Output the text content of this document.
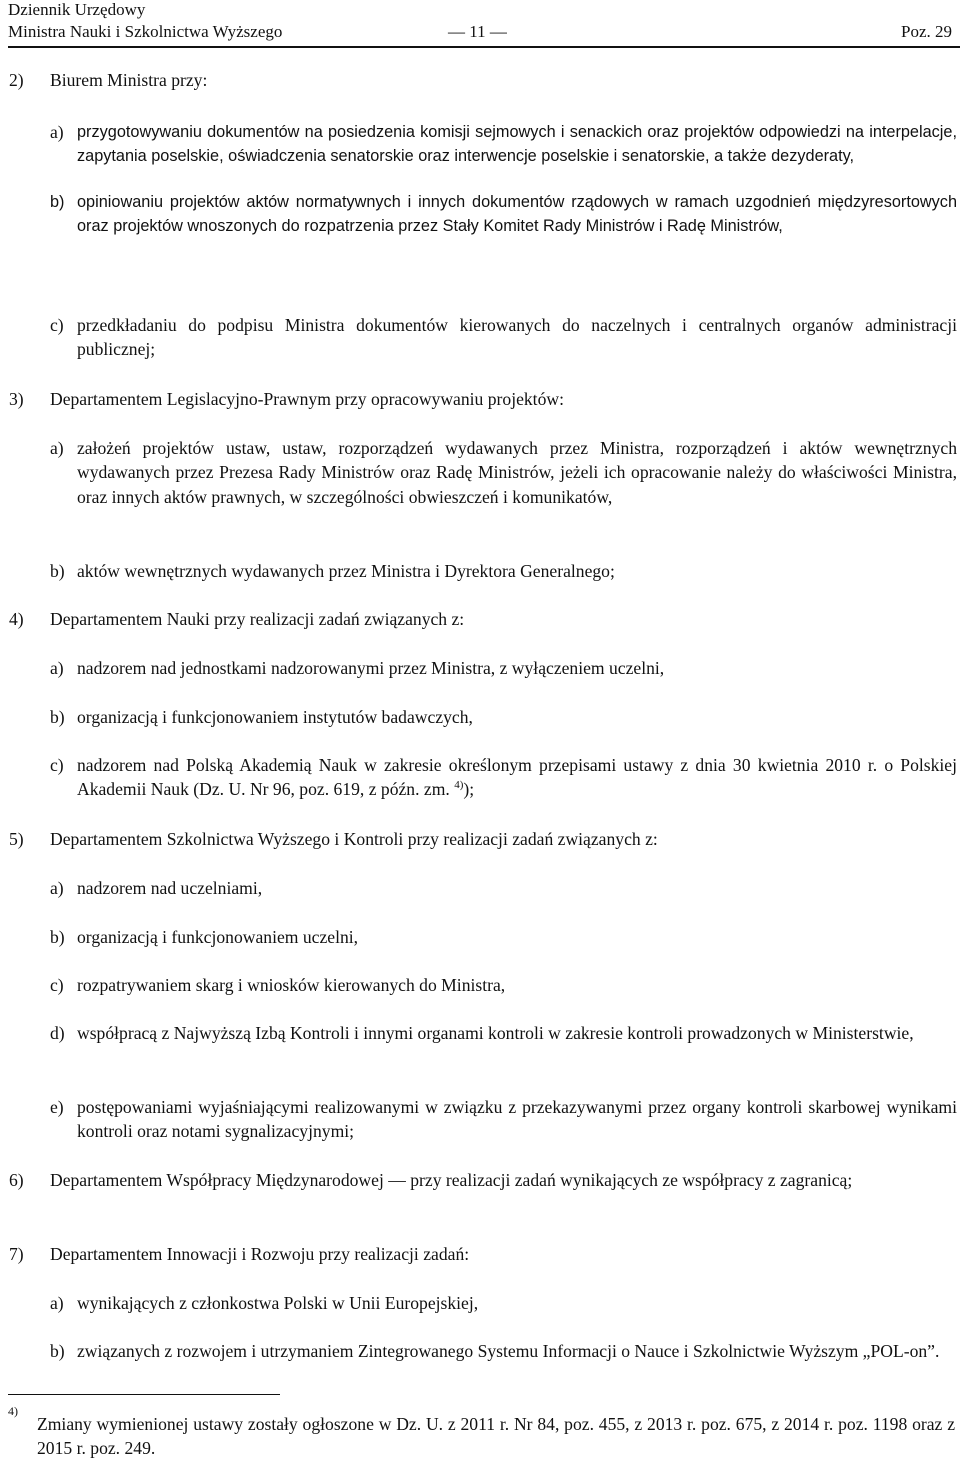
Dziennik Urzędowy
Ministra Nauki i Szkolnictwa Wyższego	— 11 —	Poz. 29
2) Biurem Ministra przy:
a) przygotowywaniu dokumentów na posiedzenia komisji sejmowych i senackich oraz projektów odpowiedzi na interpelacje, zapytania poselskie, oświadczenia senatorskie oraz interwencje poselskie i senatorskie, a także dezyderaty,
b) opiniowaniu projektów aktów normatywnych i innych dokumentów rządowych w ramach uzgodnień międzyresortowych oraz projektów wnoszonych do rozpatrzenia przez Stały Komitet Rady Ministrów i Radę Ministrów,
c) przedkładaniu do podpisu Ministra dokumentów kierowanych do naczelnych i centralnych organów administracji publicznej;
3) Departamentem Legislacyjno-Prawnym przy opracowywaniu projektów:
a) założeń projektów ustaw, ustaw, rozporządzeń wydawanych przez Ministra, rozporządzeń i aktów wewnętrznych wydawanych przez Prezesa Rady Ministrów oraz Radę Ministrów, jeżeli ich opracowanie należy do właściwości Ministra, oraz innych aktów prawnych, w szczególności obwieszczeń i komunikatów,
b) aktów wewnętrznych wydawanych przez Ministra i Dyrektora Generalnego;
4) Departamentem Nauki przy realizacji zadań związanych z:
a) nadzorem nad jednostkami nadzorowanymi przez Ministra, z wyłączeniem uczelni,
b) organizacją i funkcjonowaniem instytutów badawczych,
c) nadzorem nad Polską Akademią Nauk w zakresie określonym przepisami ustawy z dnia 30 kwietnia 2010 r. o Polskiej Akademii Nauk (Dz. U. Nr 96, poz. 619, z późn. zm. $^{4)}$);
5) Departamentem Szkolnictwa Wyższego i Kontroli przy realizacji zadań związanych z:
a) nadzorem nad uczelniami,
b) organizacją i funkcjonowaniem uczelni,
c) rozpatrywaniem skarg i wniosków kierowanych do Ministra,
d) współpracą z Najwyższą Izbą Kontroli i innymi organami kontroli w zakresie kontroli prowadzonych w Ministerstwie,
e) postępowaniami wyjaśniającymi realizowanymi w związku z przekazywanymi przez organy kontroli skarbowej wynikami kontroli oraz notami sygnalizacyjnymi;
6) Departamentem Współpracy Międzynarodowej — przy realizacji zadań wynikających ze współpracy z zagranicą;
7) Departamentem Innowacji i Rozwoju przy realizacji zadań:
a) wynikających z członkostwa Polski w Unii Europejskiej,
b) związanych z rozwojem i utrzymaniem Zintegrowanego Systemu Informacji o Nauce i Szkolnictwie Wyższym „POL-on”.
4)
Zmiany wymienionej ustawy zostały ogłoszone w Dz. U. z 2011 r. Nr 84, poz. 455, z 2013 r. poz. 675, z 2014 r. poz. 1198 oraz z 2015 r. poz. 249.
